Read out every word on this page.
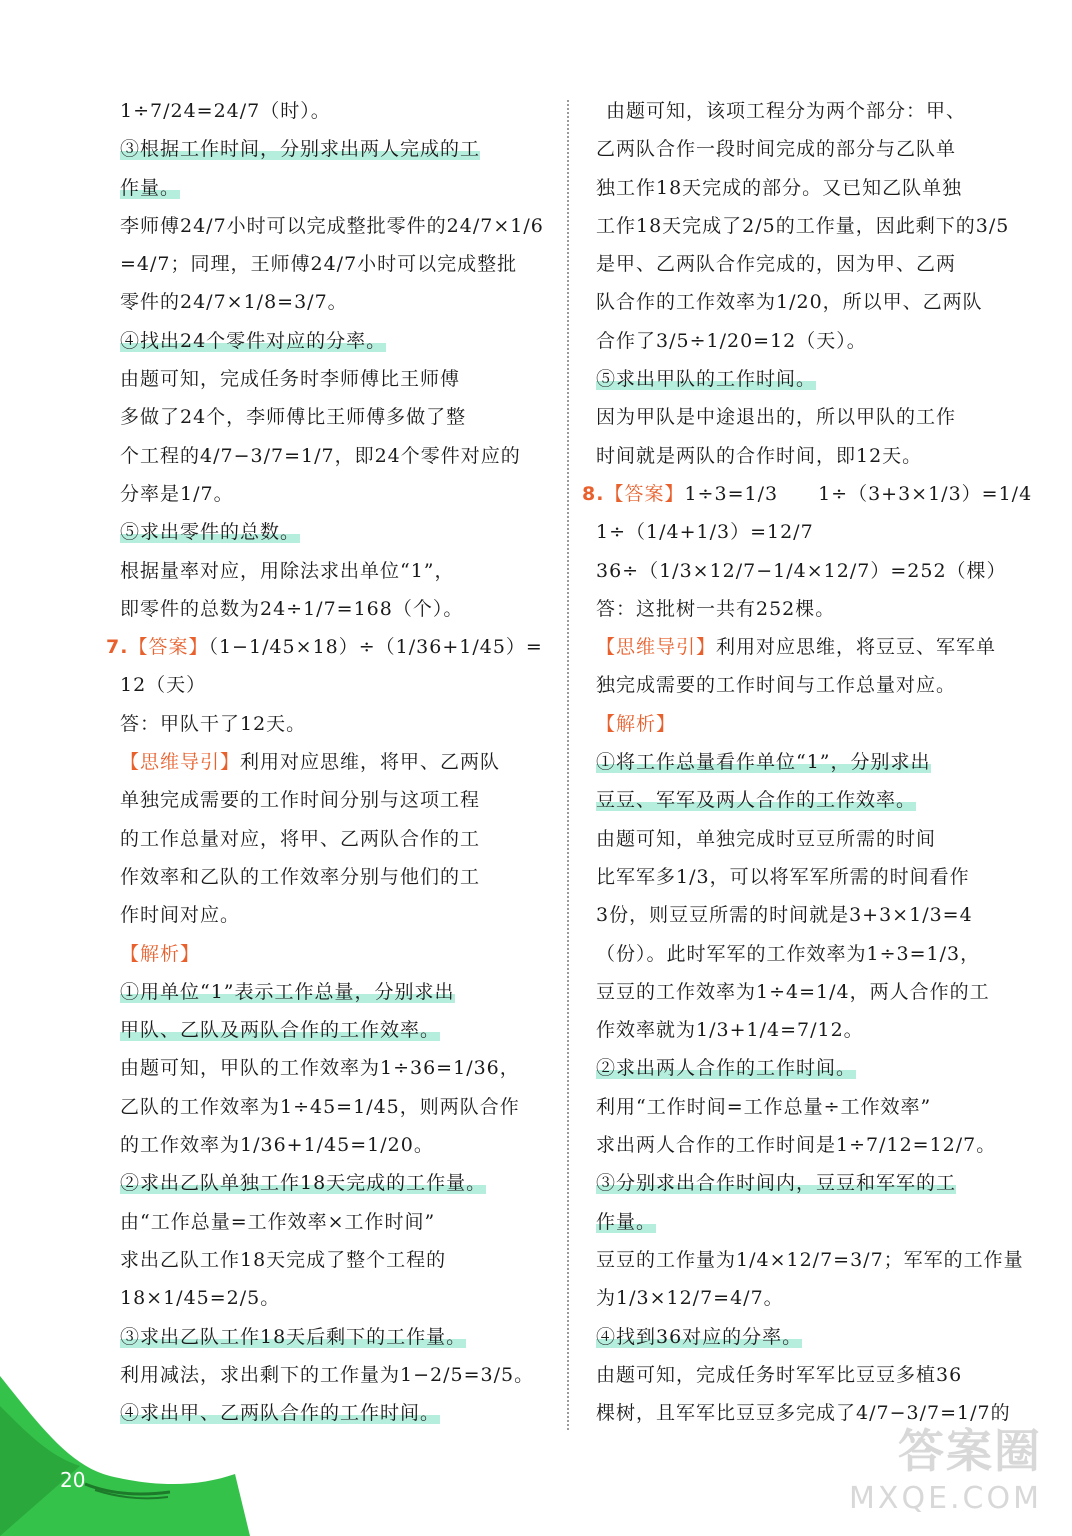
1÷7/24=24/7（时）。
③根据工作时间，分别求出两人完成的工
作量。
李师傅24/7小时可以完成整批零件的24/7×1/6
=4/7；同理，王师傅24/7小时可以完成整批
零件的24/7×1/8=3/7。
④找出24个零件对应的分率。
由题可知，完成任务时李师傅比王师傅
多做了24个，李师傅比王师傅多做了整
个工程的4/7−3/7=1/7，即24个零件对应的
分率是1/7。
⑤求出零件的总数。
根据量率对应，用除法求出单位“1”，
即零件的总数为24÷1/7=168（个）。
7.【答案】（1−1/45×18）÷（1/36+1/45）=
12（天）
答：甲队干了12天。
【思维导引】利用对应思维，将甲、乙两队
单独完成需要的工作时间分别与这项工程
的工作总量对应，将甲、乙两队合作的工
作效率和乙队的工作效率分别与他们的工
作时间对应。
【解析】
①用单位“1”表示工作总量，分别求出
甲队、乙队及两队合作的工作效率。
由题可知，甲队的工作效率为1÷36=1/36，
乙队的工作效率为1÷45=1/45，则两队合作
的工作效率为1/36+1/45=1/20。
②求出乙队单独工作18天完成的工作量。
由“工作总量=工作效率×工作时间”
求出乙队工作18天完成了整个工程的
18×1/45=2/5。
③求出乙队工作18天后剩下的工作量。
利用减法，求出剩下的工作量为1−2/5=3/5。
④求出甲、乙两队合作的工作时间。
由题可知，该项工程分为两个部分：甲、
乙两队合作一段时间完成的部分与乙队单
独工作18天完成的部分。又已知乙队单独
工作18天完成了2/5的工作量，因此剩下的3/5
是甲、乙两队合作完成的，因为甲、乙两
队合作的工作效率为1/20，所以甲、乙两队
合作了3/5÷1/20=12（天）。
⑤求出甲队的工作时间。
因为甲队是中途退出的，所以甲队的工作
时间就是两队的合作时间，即12天。
8.【答案】1÷3=1/3　　1÷（3+3×1/3）=1/4
1÷（1/4+1/3）=12/7
36÷（1/3×12/7−1/4×12/7）=252（棵）
答：这批树一共有252棵。
【思维导引】利用对应思维，将豆豆、军军单
独完成需要的工作时间与工作总量对应。
【解析】
①将工作总量看作单位“1”，分别求出
豆豆、军军及两人合作的工作效率。
由题可知，单独完成时豆豆所需的时间
比军军多1/3，可以将军军所需的时间看作
3份，则豆豆所需的时间就是3+3×1/3=4
（份）。此时军军的工作效率为1÷3=1/3，
豆豆的工作效率为1÷4=1/4，两人合作的工
作效率就为1/3+1/4=7/12。
②求出两人合作的工作时间。
利用“工作时间=工作总量÷工作效率”
求出两人合作的工作时间是1÷7/12=12/7。
③分别求出合作时间内，豆豆和军军的工
作量。
豆豆的工作量为1/4×12/7=3/7；军军的工作量
为1/3×12/7=4/7。
④找到36对应的分率。
由题可知，完成任务时军军比豆豆多植36
棵树，且军军比豆豆多完成了4/7−3/7=1/7的
20
答案圈
MXQE.COM
